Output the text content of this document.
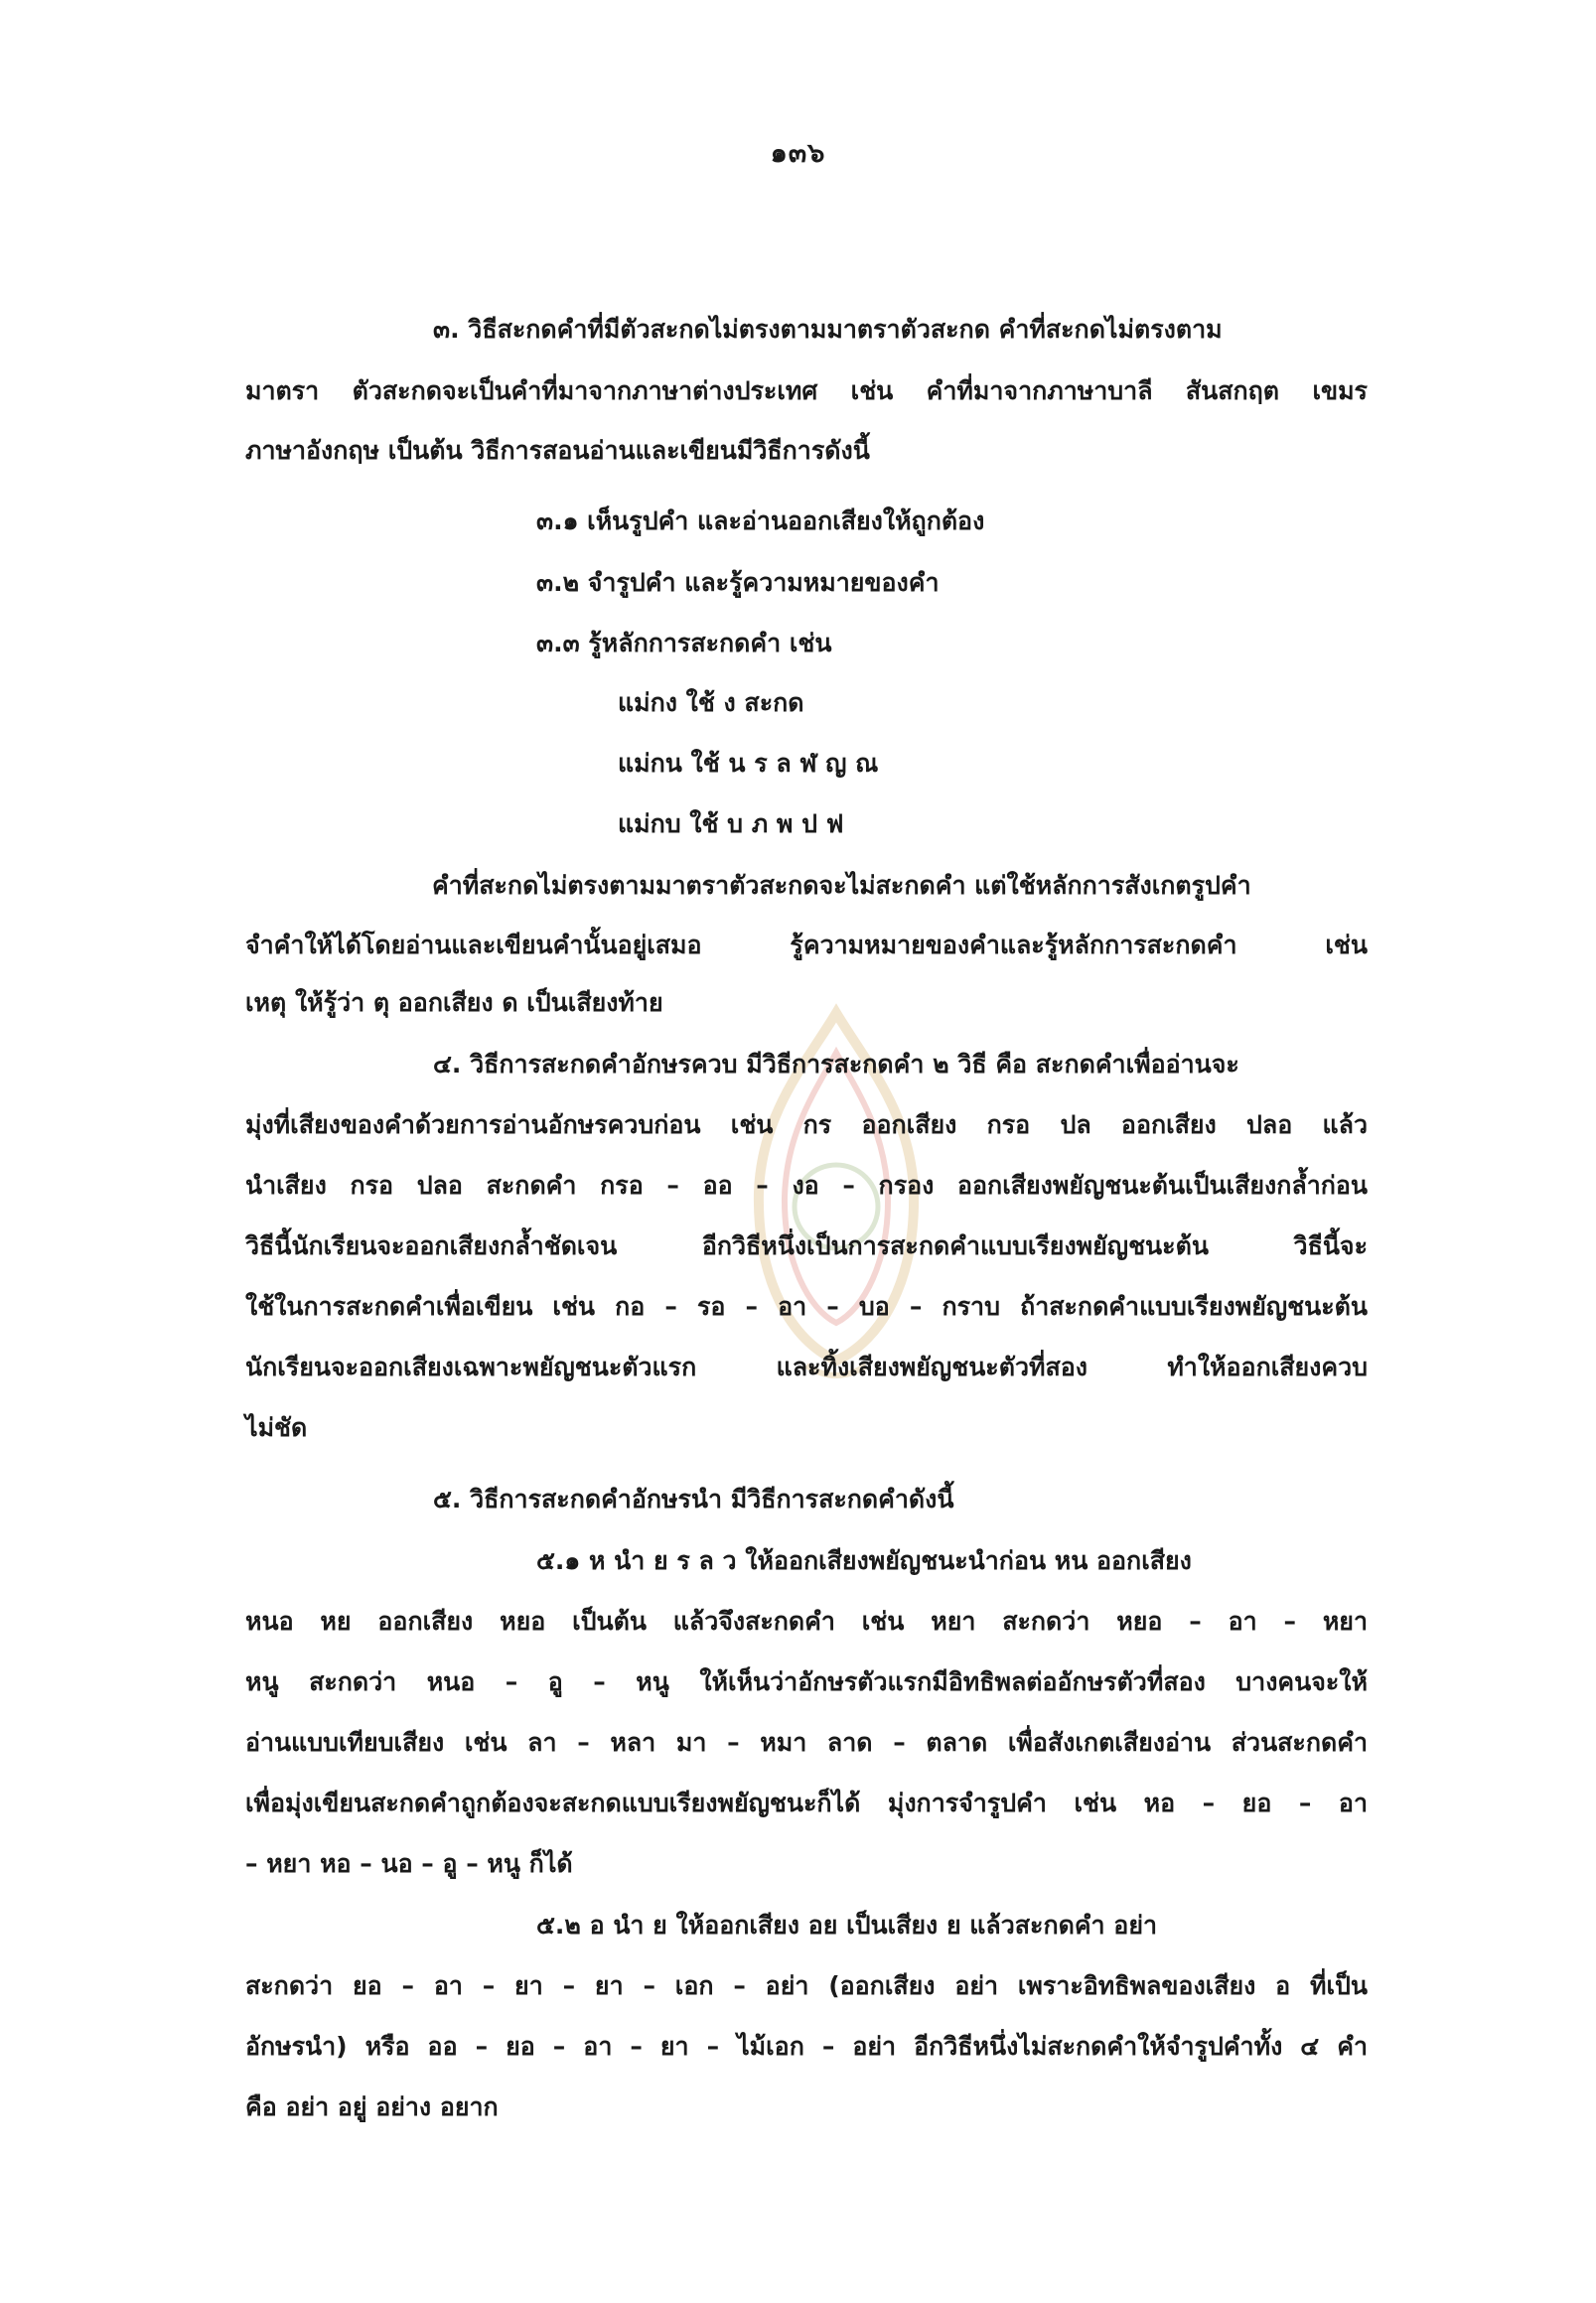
๑๓๖
๓. วิธีสะกดคำที่มีตัวสะกดไม่ตรงตามมาตราตัวสะกด คำที่สะกดไม่ตรงตาม
มาตรา ตัวสะกดจะเป็นคำที่มาจากภาษาต่างประเทศ เช่น คำที่มาจากภาษาบาลี สันสกฤต เขมร
ภาษาอังกฤษ เป็นต้น วิธีการสอนอ่านและเขียนมีวิธีการดังนี้
๓.๑ เห็นรูปคำ และอ่านออกเสียงให้ถูกต้อง
๓.๒ จำรูปคำ และรู้ความหมายของคำ
๓.๓ รู้หลักการสะกดคำ เช่น
แม่กง ใช้ ง สะกด
แม่กน ใช้ น ร ล ฬ ญ ณ
แม่กบ ใช้ บ ภ พ ป ฟ
คำที่สะกดไม่ตรงตามมาตราตัวสะกดจะไม่สะกดคำ แต่ใช้หลักการสังเกตรูปคำ
จำคำให้ได้โดยอ่านและเขียนคำนั้นอยู่เสมอ รู้ความหมายของคำและรู้หลักการสะกดคำ เช่น
เหตุ ให้รู้ว่า ตุ ออกเสียง ด เป็นเสียงท้าย
๔. วิธีการสะกดคำอักษรควบ มีวิธีการสะกดคำ ๒ วิธี คือ สะกดคำเพื่ออ่านจะ
มุ่งที่เสียงของคำด้วยการอ่านอักษรควบก่อน เช่น กร ออกเสียง กรอ ปล ออกเสียง ปลอ แล้ว
นำเสียง กรอ ปลอ สะกดคำ กรอ – ออ – งอ – กรอง ออกเสียงพยัญชนะต้นเป็นเสียงกล้ำก่อน
วิธีนี้นักเรียนจะออกเสียงกล้ำชัดเจน อีกวิธีหนึ่งเป็นการสะกดคำแบบเรียงพยัญชนะต้น วิธีนี้จะ
ใช้ในการสะกดคำเพื่อเขียน เช่น กอ – รอ – อา – บอ – กราบ ถ้าสะกดคำแบบเรียงพยัญชนะต้น
นักเรียนจะออกเสียงเฉพาะพยัญชนะตัวแรก และทิ้งเสียงพยัญชนะตัวที่สอง ทำให้ออกเสียงควบ
ไม่ชัด
๕. วิธีการสะกดคำอักษรนำ มีวิธีการสะกดคำดังนี้
๕.๑ ห นำ ย ร ล ว ให้ออกเสียงพยัญชนะนำก่อน หน ออกเสียง
หนอ หย ออกเสียง หยอ เป็นต้น แล้วจึงสะกดคำ เช่น หยา สะกดว่า หยอ – อา – หยา
หนู สะกดว่า หนอ – อู – หนู ให้เห็นว่าอักษรตัวแรกมีอิทธิพลต่ออักษรตัวที่สอง บางคนจะให้
อ่านแบบเทียบเสียง เช่น ลา – หลา มา – หมา ลาด – ตลาด เพื่อสังเกตเสียงอ่าน ส่วนสะกดคำ
เพื่อมุ่งเขียนสะกดคำถูกต้องจะสะกดแบบเรียงพยัญชนะก็ได้ มุ่งการจำรูปคำ เช่น หอ – ยอ – อา
– หยา หอ – นอ – อู – หนู ก็ได้
๕.๒ อ นำ ย ให้ออกเสียง อย เป็นเสียง ย แล้วสะกดคำ อย่า
สะกดว่า ยอ – อา – ยา – ยา – เอก – อย่า (ออกเสียง อย่า เพราะอิทธิพลของเสียง อ ที่เป็น
อักษรนำ) หรือ ออ – ยอ – อา – ยา – ไม้เอก – อย่า อีกวิธีหนึ่งไม่สะกดคำให้จำรูปคำทั้ง ๔ คำ
คือ อย่า อยู่ อย่าง อยาก
